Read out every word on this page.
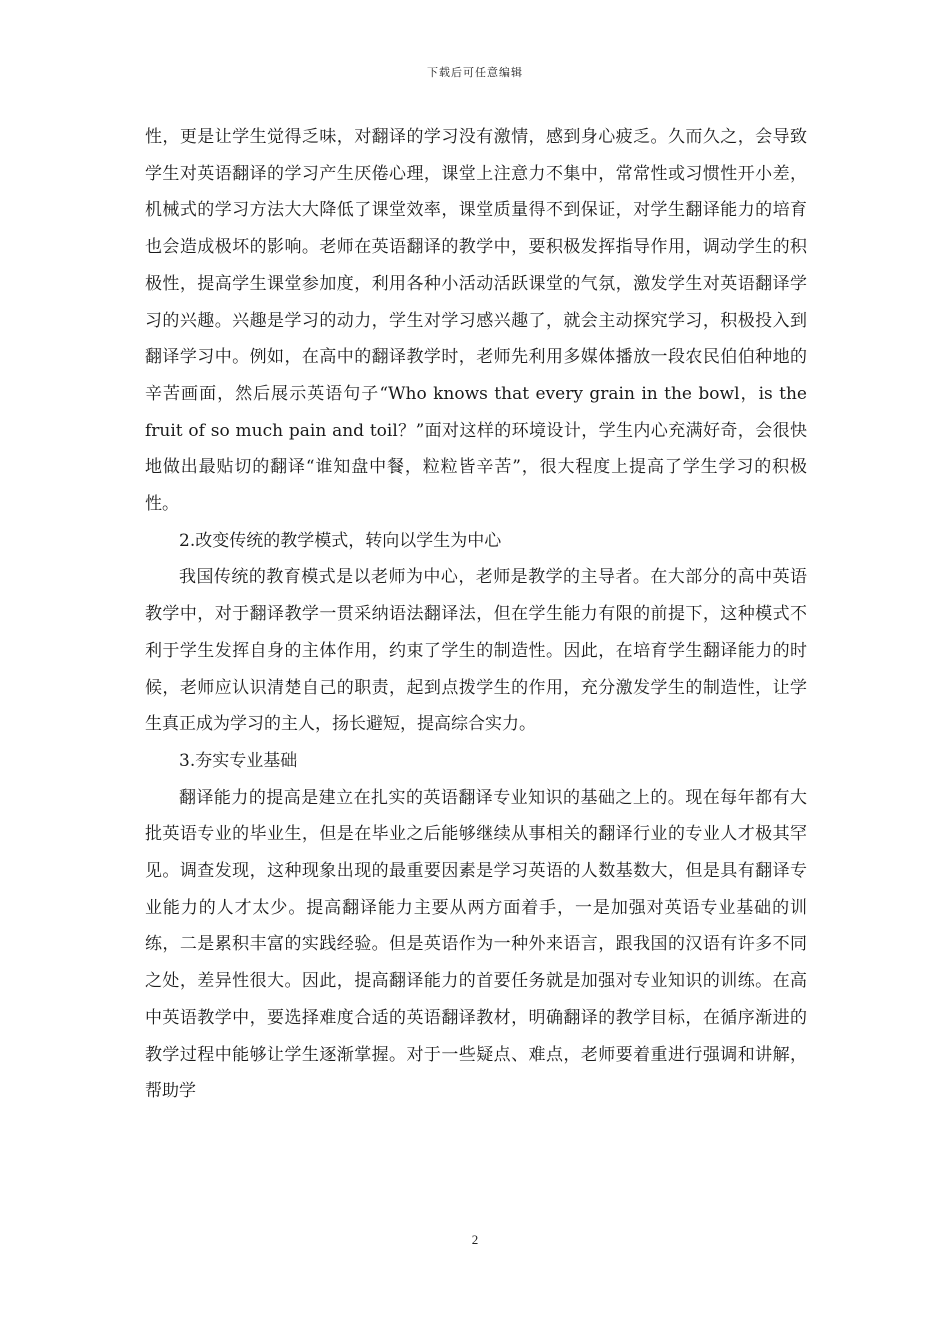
下载后可任意编辑

性，更是让学生觉得乏味，对翻译的学习没有激情，感到身心疲乏。久而久之，会导致学生对英语翻译的学习产生厌倦心理，课堂上注意力不集中，常常性或习惯性开小差，机械式的学习方法大大降低了课堂效率，课堂质量得不到保证，对学生翻译能力的培育也会造成极坏的影响。老师在英语翻译的教学中，要积极发挥指导作用，调动学生的积极性，提高学生课堂参加度，利用各种小活动活跃课堂的气氛，激发学生对英语翻译学习的兴趣。兴趣是学习的动力，学生对学习感兴趣了，就会主动探究学习，积极投入到翻译学习中。例如，在高中的翻译教学时，老师先利用多媒体播放一段农民伯伯种地的辛苦画面，然后展示英语句子“Who knows that every grain in the bowl，is the fruit of so much pain and toil？”面对这样的环境设计，学生内心充满好奇，会很快地做出最贴切的翻译“谁知盘中餐，粒粒皆辛苦”，很大程度上提高了学生学习的积极性。

2.改变传统的教学模式，转向以学生为中心

我国传统的教育模式是以老师为中心，老师是教学的主导者。在大部分的高中英语教学中，对于翻译教学一贯采纳语法翻译法，但在学生能力有限的前提下，这种模式不利于学生发挥自身的主体作用，约束了学生的制造性。因此，在培育学生翻译能力的时候，老师应认识清楚自己的职责，起到点拨学生的作用，充分激发学生的制造性，让学生真正成为学习的主人，扬长避短，提高综合实力。

3.夯实专业基础

翻译能力的提高是建立在扎实的英语翻译专业知识的基础之上的。现在每年都有大批英语专业的毕业生，但是在毕业之后能够继续从事相关的翻译行业的专业人才极其罕见。调查发现，这种现象出现的最重要因素是学习英语的人数基数大，但是具有翻译专业能力的人才太少。提高翻译能力主要从两方面着手，一是加强对英语专业基础的训练，二是累积丰富的实践经验。但是英语作为一种外来语言，跟我国的汉语有许多不同之处，差异性很大。因此，提高翻译能力的首要任务就是加强对专业知识的训练。在高中英语教学中，要选择难度合适的英语翻译教材，明确翻译的教学目标，在循序渐进的教学过程中能够让学生逐渐掌握。对于一些疑点、难点，老师要着重进行强调和讲解，帮助学

2
